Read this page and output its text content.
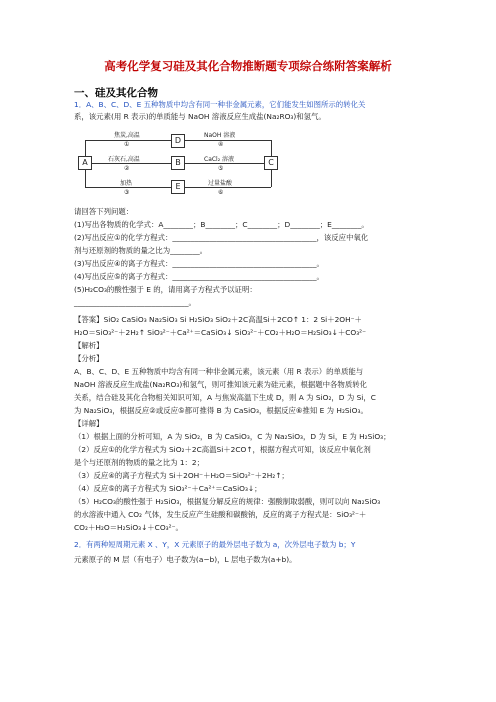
高考化学复习硅及其化合物推断题专项综合练附答案解析
一、硅及其化合物
1．A、B、C、D、E 五种物质中均含有同一种非金属元素，它们能发生如图所示的转化关
系，该元素(用 R 表示)的单质能与 NaOH 溶液反应生成盐(Na₂RO₃)和氢气。
A
D
B
E
C
焦炭,高温
①
石灰石,高温
②
加热
③
NaOH 溶液
④
CaCl₂ 溶液
⑤
过量盐酸
⑥
请回答下列问题：
(1)写出各物质的化学式：A________；B________；C________；D________；E________。
(2)写出反应①的化学方程式：_______________________________________，该反应中氧化
剂与还原剂的物质的量之比为________。
(3)写出反应④的离子方程式：_______________________________________。
(4)写出反应⑤的离子方程式：_______________________________________。
(5)H₂CO₃的酸性强于 E 的，请用离子方程式予以证明：
_______________________________。
【答案】SiO₂ CaSiO₃ Na₂SiO₃ Si H₂SiO₃ SiO₂＋2C高温Si＋2CO↑ 1：2 Si＋2OH⁻＋
H₂O＝SiO₃²⁻＋2H₂↑ SiO₃²⁻＋Ca²⁺＝CaSiO₃↓ SiO₃²⁻＋CO₂＋H₂O＝H₂SiO₃↓＋CO₃²⁻
【解析】
【分析】
A、B、C、D、E 五种物质中均含有同一种非金属元素，该元素（用 R 表示）的单质能与
NaOH 溶液反应生成盐(Na₂RO₃)和氢气，则可推知该元素为硅元素，根据题中各物质转化
关系，结合硅及其化合物相关知识可知，A 与焦炭高温下生成 D，则 A 为 SiO₂，D 为 Si，C
为 Na₂SiO₃，根据反应②或反应⑤都可推得 B 为 CaSiO₃，根据反应⑥推知 E 为 H₂SiO₃。
【详解】
（1）根据上面的分析可知，A 为 SiO₂，B 为 CaSiO₃，C 为 Na₂SiO₃，D 为 Si，E 为 H₂SiO₃；
（2）反应①的化学方程式为 SiO₂＋2C高温Si＋2CO↑，根据方程式可知，该反应中氧化剂
是个与还原剂的物质的量之比为 1：2；
（3）反应④的离子方程式为 Si＋2OH⁻＋H₂O＝SiO₃²⁻＋2H₂↑；
（4）反应⑤的离子方程式为 SiO₃²⁻＋Ca²⁺＝CaSiO₃↓；
（5）H₂CO₃的酸性强于 H₂SiO₃，根据复分解反应的规律：强酸制取弱酸，则可以向 Na₂SiO₃
的水溶液中通入 CO₂ 气体，发生反应产生硅酸和碳酸钠，反应的离子方程式是：SiO₃²⁻＋
CO₂＋H₂O＝H₂SiO₃↓＋CO₃²⁻。
2．有两种短周期元素 X 、Y，X 元素原子的最外层电子数为 a，次外层电子数为 b；Y
元素原子的 M 层（有电子）电子数为(a−b)，L 层电子数为(a+b)。
